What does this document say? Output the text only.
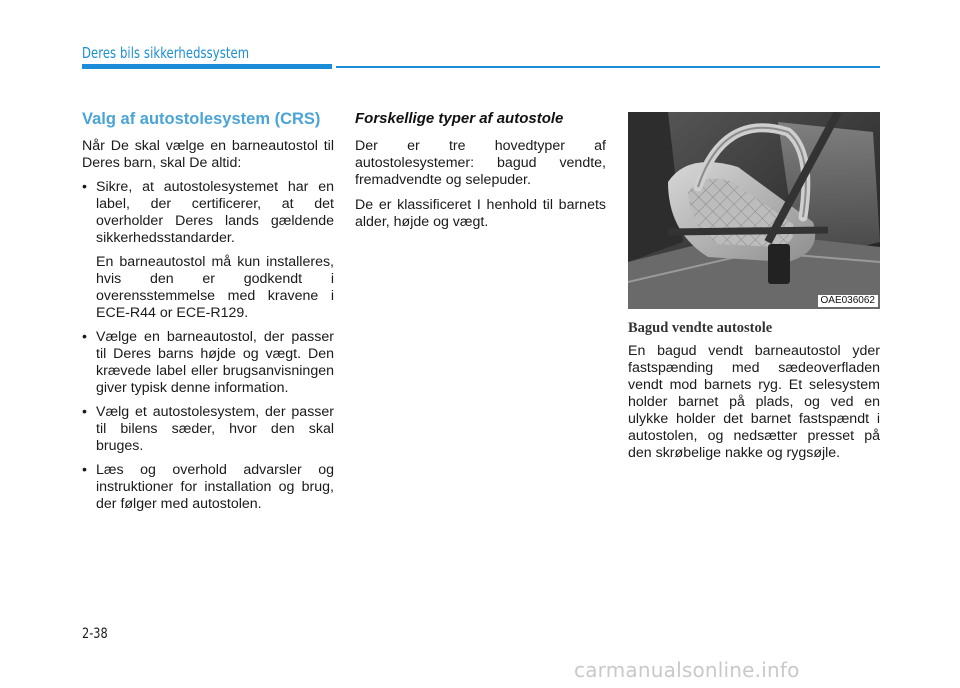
Deres bils sikkerhedssystem
Valg af autostolesystem (CRS)

Når De skal vælge en barneautostol til Deres barn, skal De altid:

• Sikre, at autostolesystemet har en label, der certificerer, at det overholder Deres lands gældende sikkerhedsstandarder.

En barneautostol må kun installeres, hvis den er godkendt i overensstemmelse med kravene i ECE-R44 or ECE-R129.

• Vælge en barneautostol, der passer til Deres barns højde og vægt. Den krævede label eller brugsanvisningen giver typisk denne information.

• Vælg et autostolesystem, der passer til bilens sæder, hvor den skal bruges.

• Læs og overhold advarsler og instruktioner for installation og brug, der følger med autostolen.

Forskellige typer af autostole

Der er tre hovedtyper af autostolesystemer: bagud vendte, fremadvendte og selepuder.

De er klassificeret I henhold til barnets alder, højde og vægt.

OAE036062
Bagud vendte autostole

En bagud vendt barneautostol yder fastspænding med sædeoverfladen vendt mod barnets ryg. Et selesystem holder barnet på plads, og ved en ulykke holder det barnet fastspændt i autostolen, og nedsætter presset på den skrøbelige nakke og rygsøjle.

2-38
carmanualsonline.info
